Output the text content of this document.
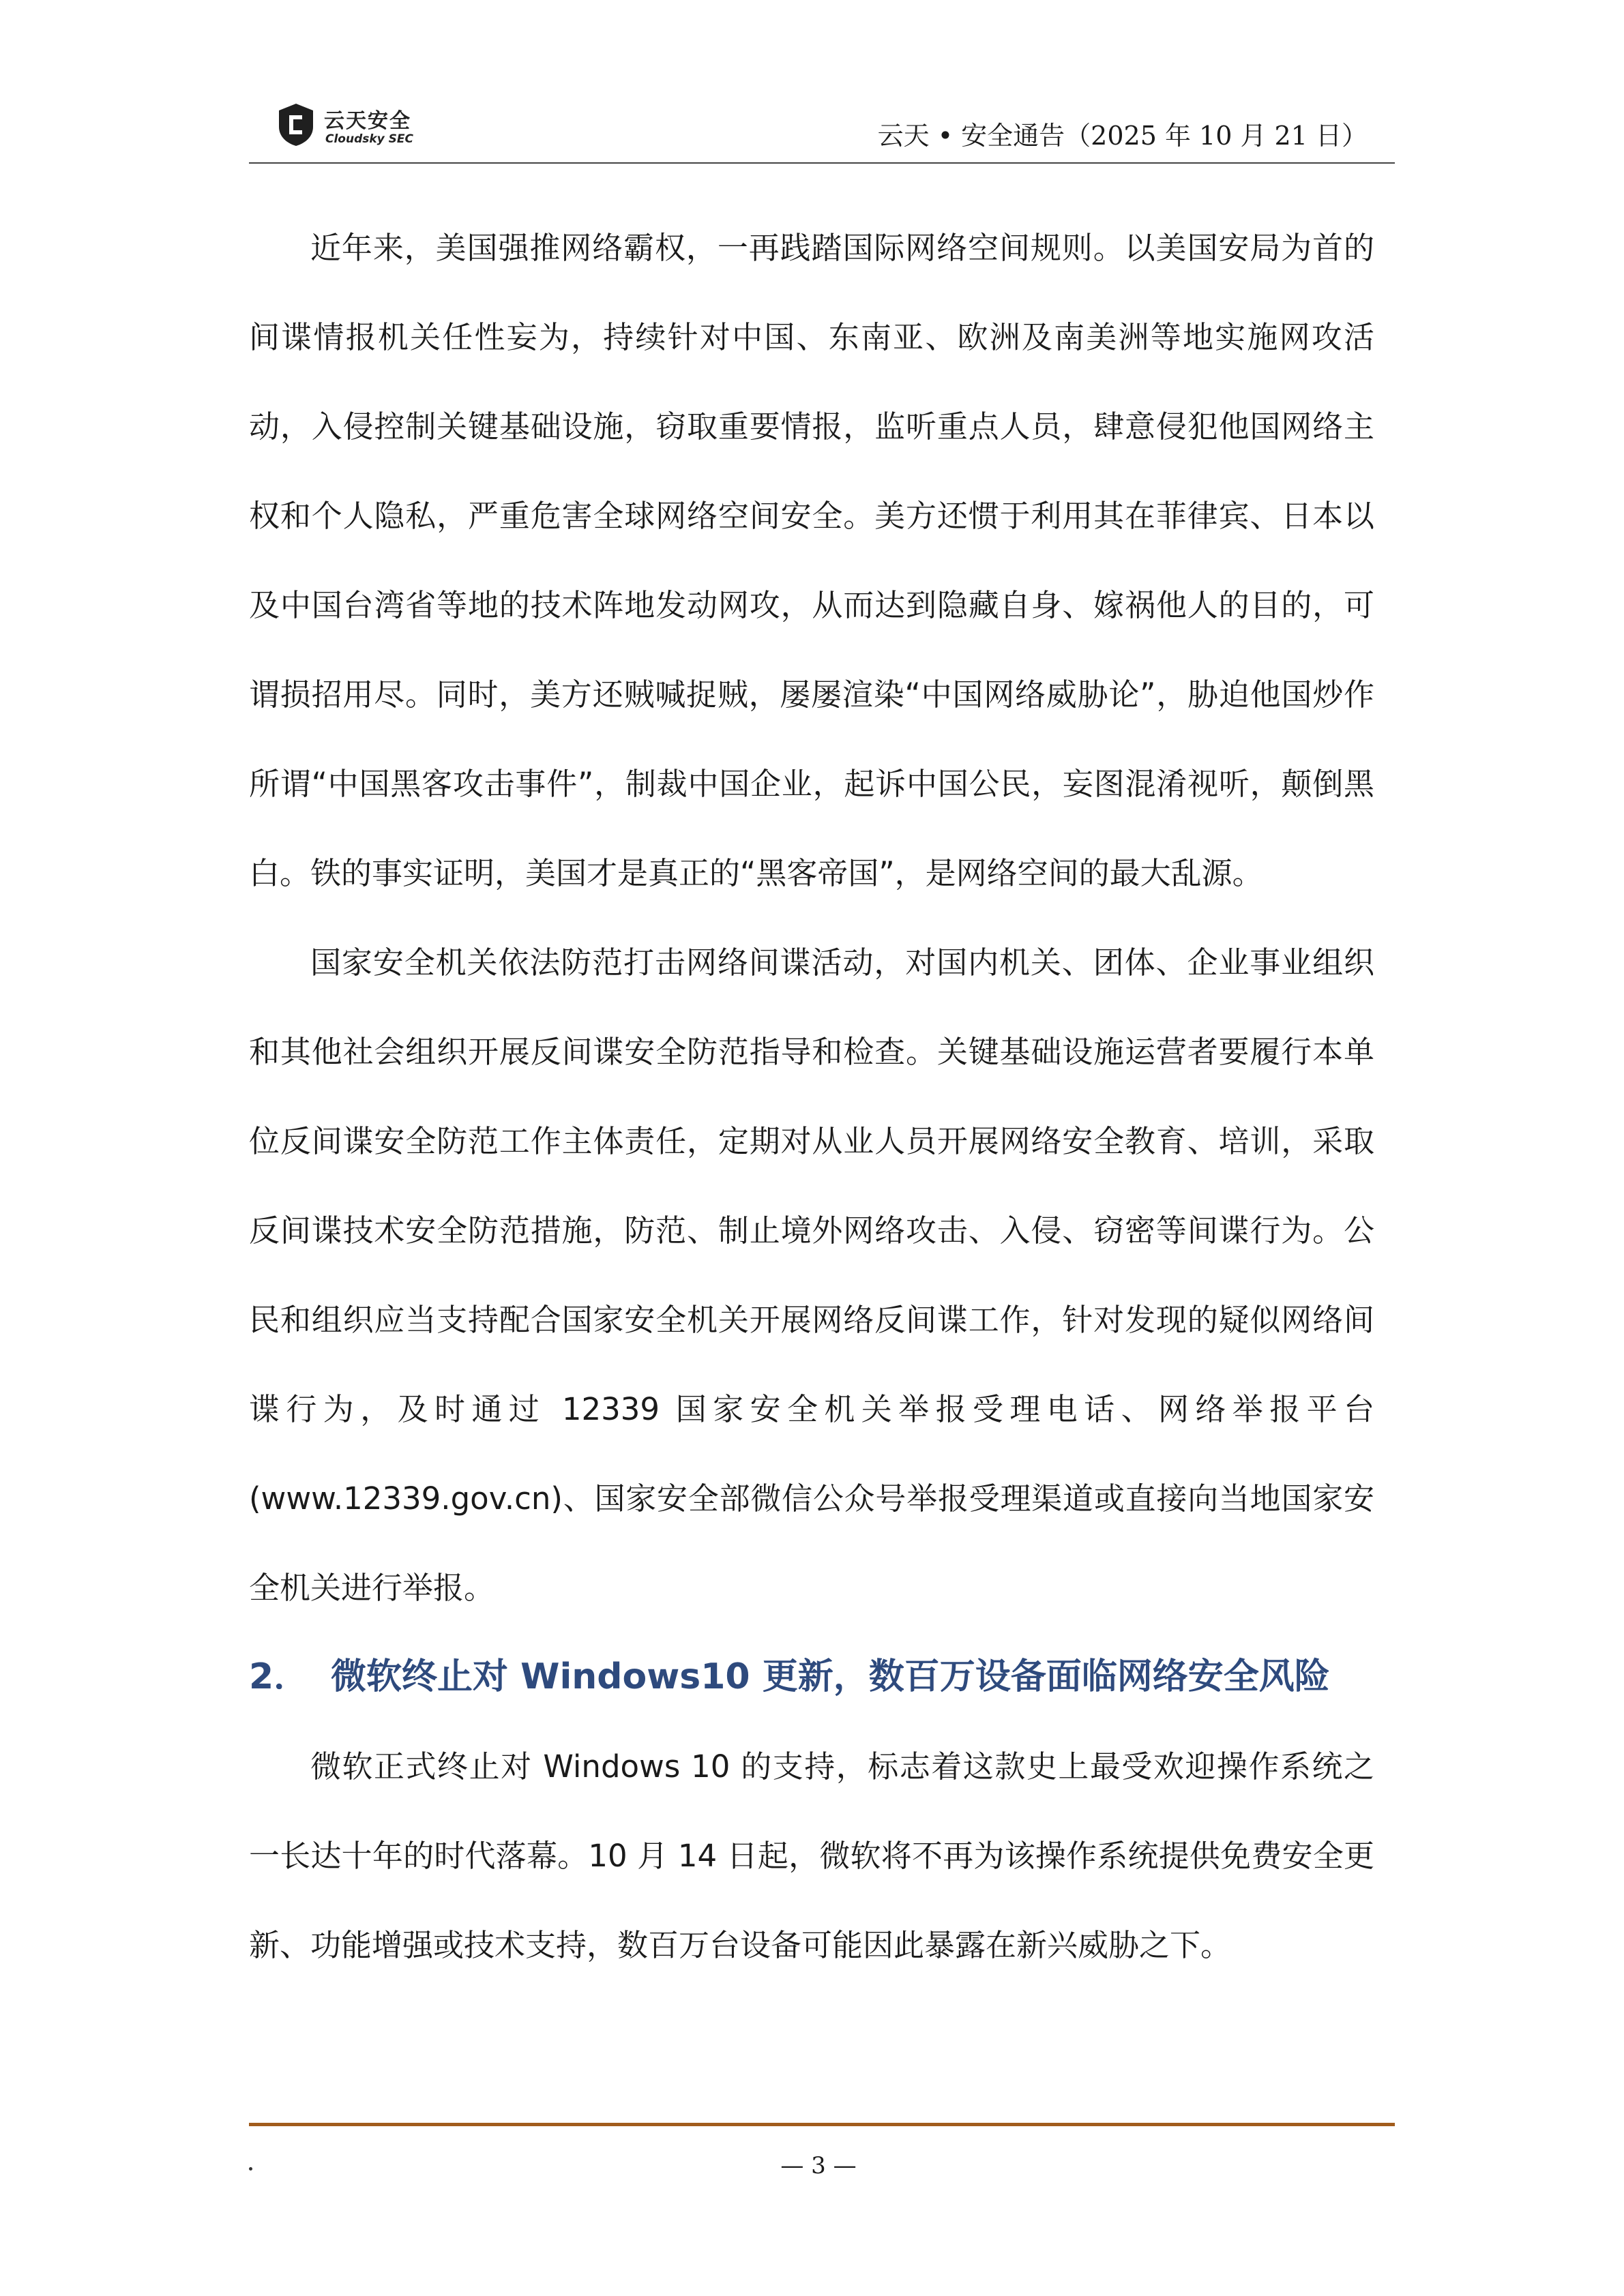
云天安全
Cloudsky SEC	云天 • 安全通告（2025 年 10 月 21 日）

近年来，美国强推网络霸权，一再践踏国际网络空间规则。以美国安局为首的间谍情报机关任性妄为，持续针对中国、东南亚、欧洲及南美洲等地实施网攻活动，入侵控制关键基础设施，窃取重要情报，监听重点人员，肆意侵犯他国网络主权和个人隐私，严重危害全球网络空间安全。美方还惯于利用其在菲律宾、日本以及中国台湾省等地的技术阵地发动网攻，从而达到隐藏自身、嫁祸他人的目的，可谓损招用尽。同时，美方还贼喊捉贼，屡屡渲染“中国网络威胁论”，胁迫他国炒作所谓“中国黑客攻击事件”，制裁中国企业，起诉中国公民，妄图混淆视听，颠倒黑白。铁的事实证明，美国才是真正的“黑客帝国”，是网络空间的最大乱源。

国家安全机关依法防范打击网络间谍活动，对国内机关、团体、企业事业组织和其他社会组织开展反间谍安全防范指导和检查。关键基础设施运营者要履行本单位反间谍安全防范工作主体责任，定期对从业人员开展网络安全教育、培训，采取反间谍技术安全防范措施，防范、制止境外网络攻击、入侵、窃密等间谍行为。公民和组织应当支持配合国家安全机关开展网络反间谍工作，针对发现的疑似网络间谍行为，及时通过 12339 国家安全机关举报受理电话、网络举报平台(www.12339.gov.cn)、国家安全部微信公众号举报受理渠道或直接向当地国家安全机关进行举报。

2． 微软终止对 Windows10 更新，数百万设备面临网络安全风险

微软正式终止对 Windows 10 的支持，标志着这款史上最受欢迎操作系统之一长达十年的时代落幕。10 月 14 日起，微软将不再为该操作系统提供免费安全更新、功能增强或技术支持，数百万台设备可能因此暴露在新兴威胁之下。

— 3 —
